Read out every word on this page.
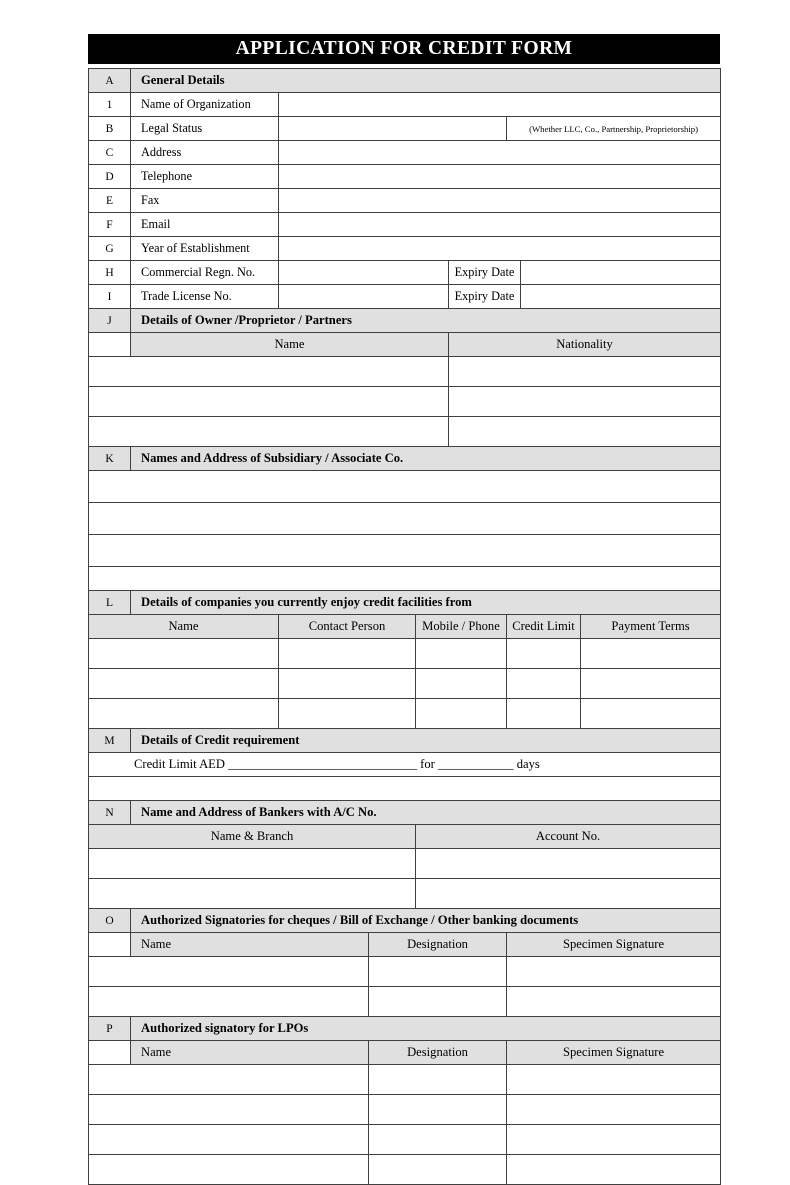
APPLICATION FOR CREDIT FORM
A	General Details							
1	Name of Organization							
B	Legal Status					(Whether LLC, Co., Partnership, Proprietorship)		
C	Address							
D	Telephone							
E	Fax							
F	Email							
G	Year of Establishment							
H	Commercial Regn. No.				Expiry Date			
I	Trade License No.				Expiry Date			
J	Details of Owner /Proprietor / Partners							
	Name				Nationality			

K	Names and Address of Subsidiary / Associate Co.							

L	Details of companies you currently enjoy credit facilities from							
Name		Contact Person		Mobile / Phone		Credit Limit		Payment Terms

M	Details of Credit requirement							
Credit Limit AED ______________________________ for ____________ days								

N	Name and Address of Bankers with A/C No.							
Name & Branch				Account No.				

O	Authorized Signatories for cheques / Bill of Exchange / Other banking documents							
	Name		Designation			Specimen Signature		

P	Authorized signatory for LPOs							
	Name		Designation			Specimen Signature		
